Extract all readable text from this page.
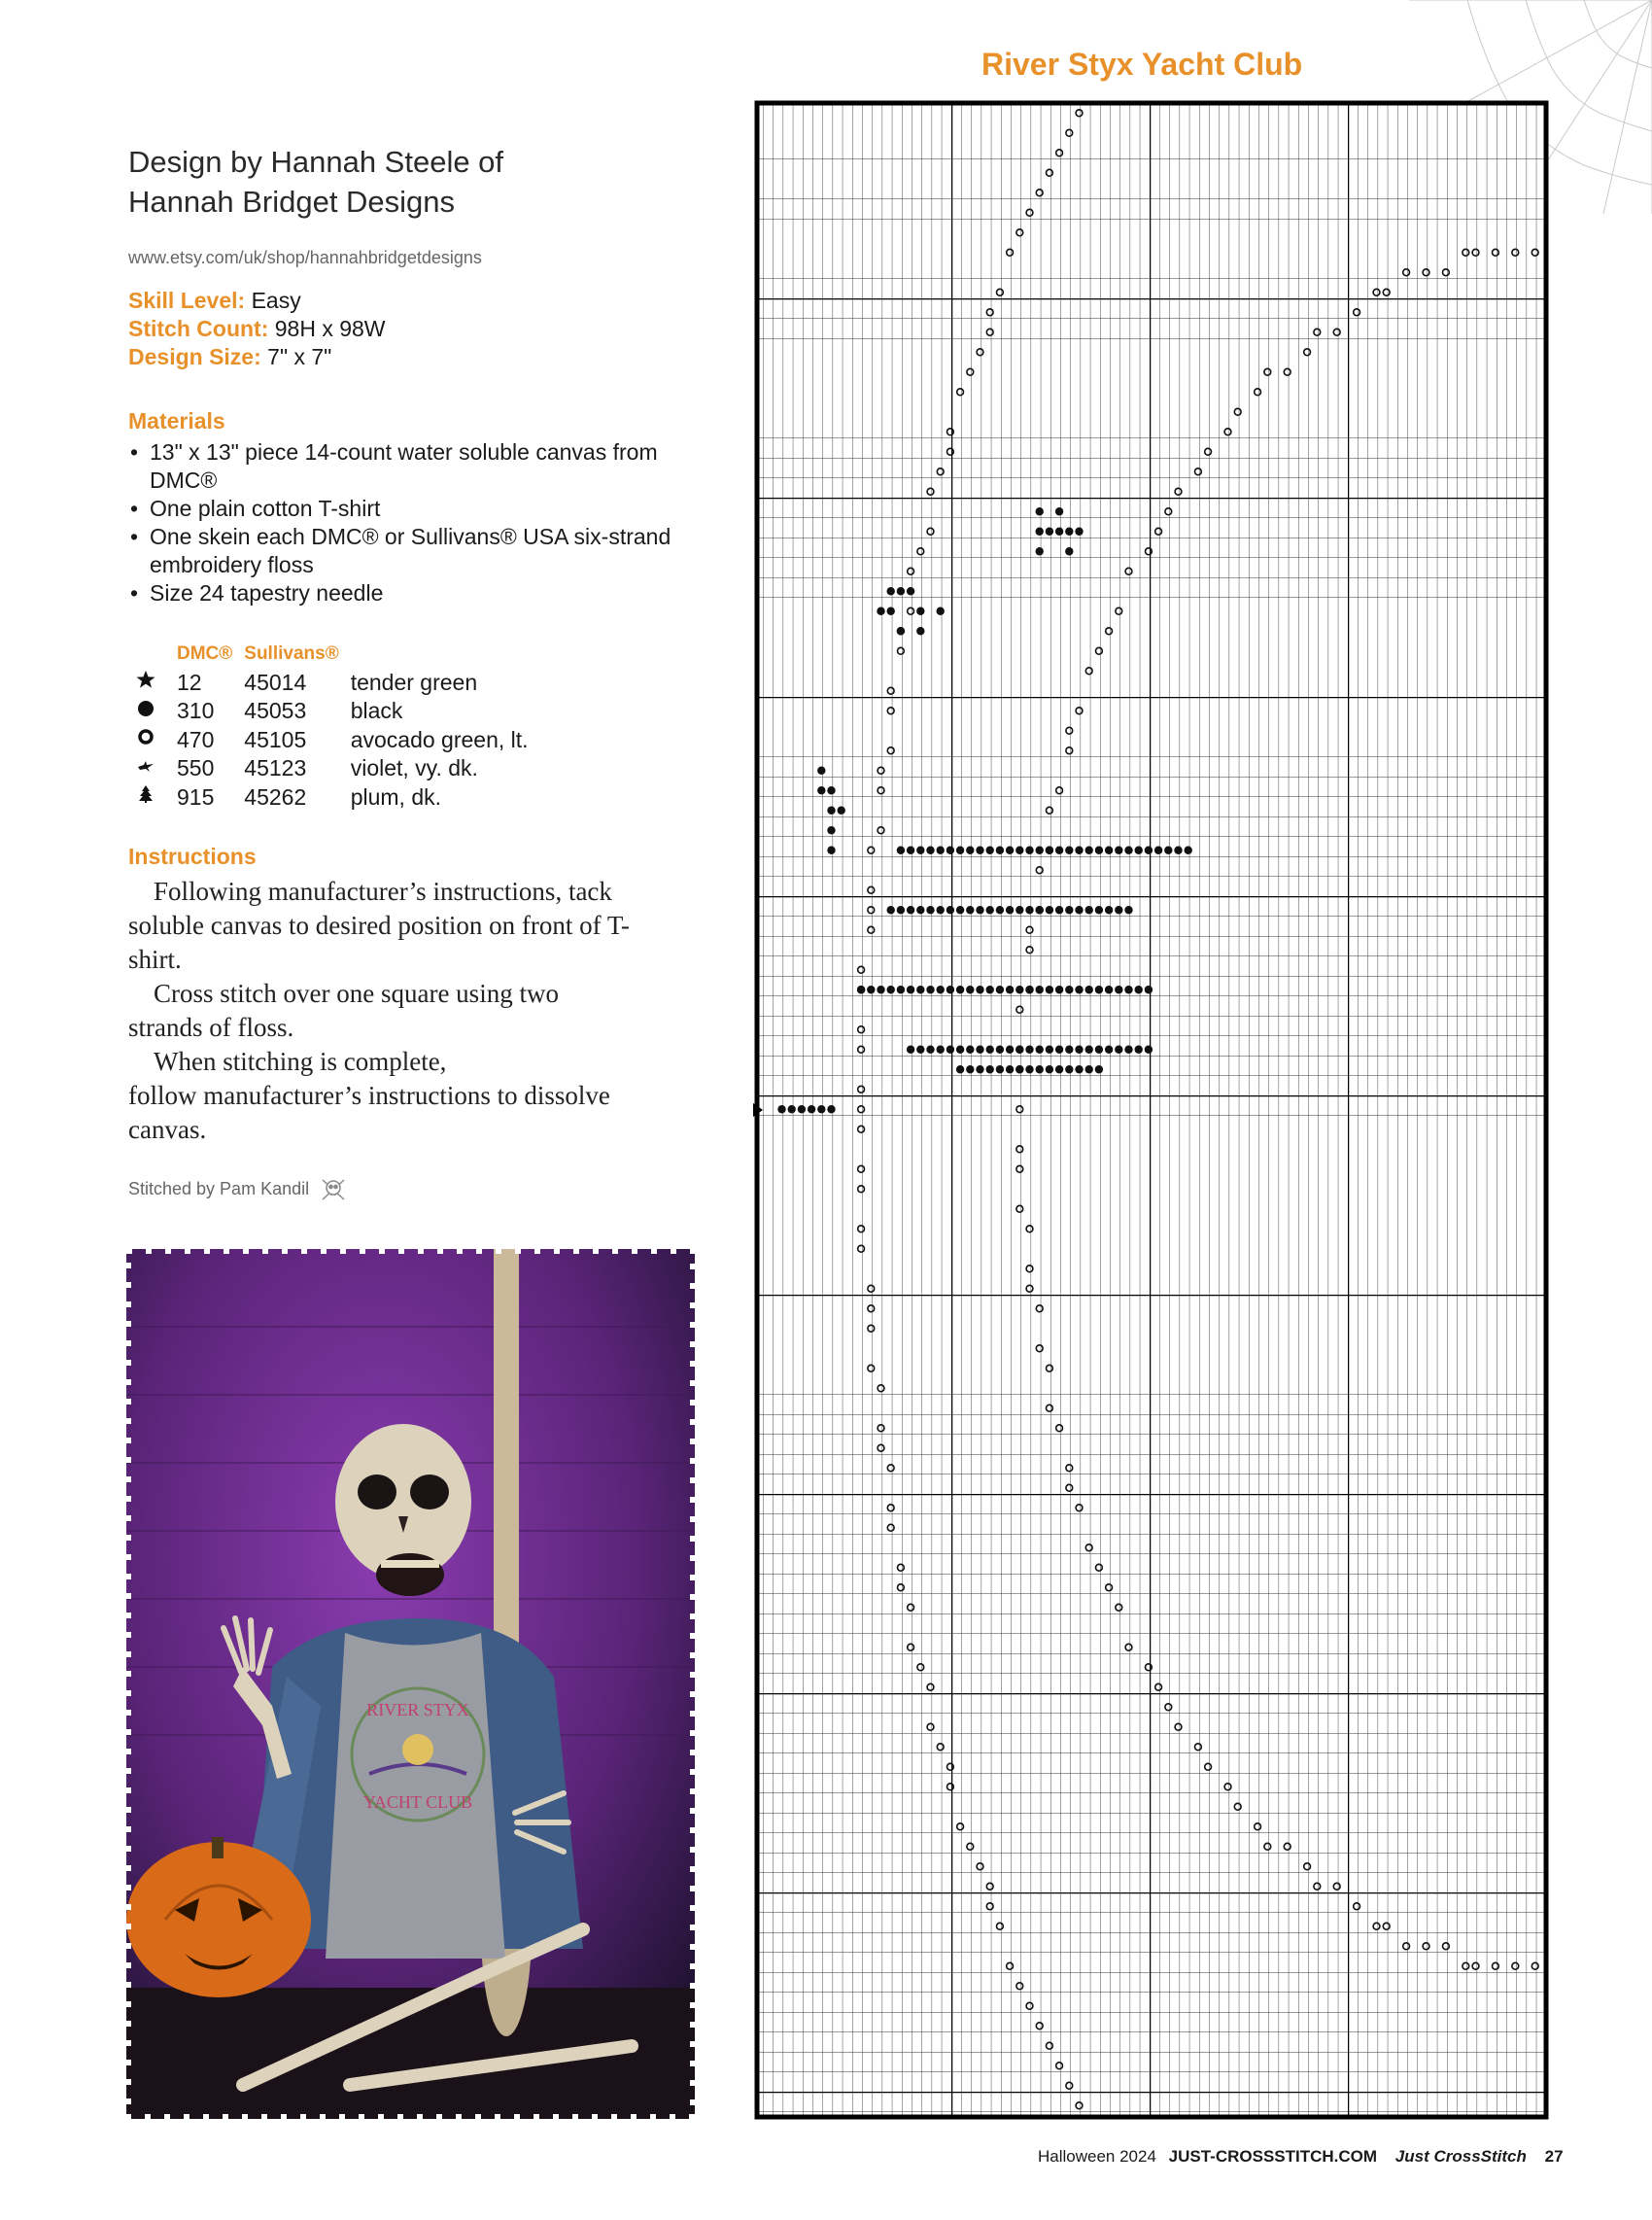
River Styx Yacht Club
Design by Hannah Steele of
Hannah Bridget Designs
www.etsy.com/uk/shop/hannahbridgetdesigns
Skill Level: Easy
Stitch Count: 98H x 98W
Design Size: 7" x 7"
Materials
• 13" x 13" piece 14-count water soluble canvas from DMC®
• One plain cotton T-shirt
• One skein each DMC® or Sullivans® USA six-strand embroidery floss
• Size 24 tapestry needle
	DMC®	Sullivans®	
	12	45014	tender green
	310	45053	black
	470	45105	avocado green, lt.
	550	45123	violet, vy. dk.
	915	45262	plum, dk.
Instructions

Following manufacturer’s instructions, tack soluble canvas to desired position on front of T-shirt.

Cross stitch over one square using two strands of floss.

When stitching is complete,

follow manufacturer’s instructions to dissolve canvas.

Stitched by Pam Kandil
RIVER STYX
YACHT CLUB
Halloween 2024 JUST-CROSSSTITCH.COM Just CrossStitch 27
